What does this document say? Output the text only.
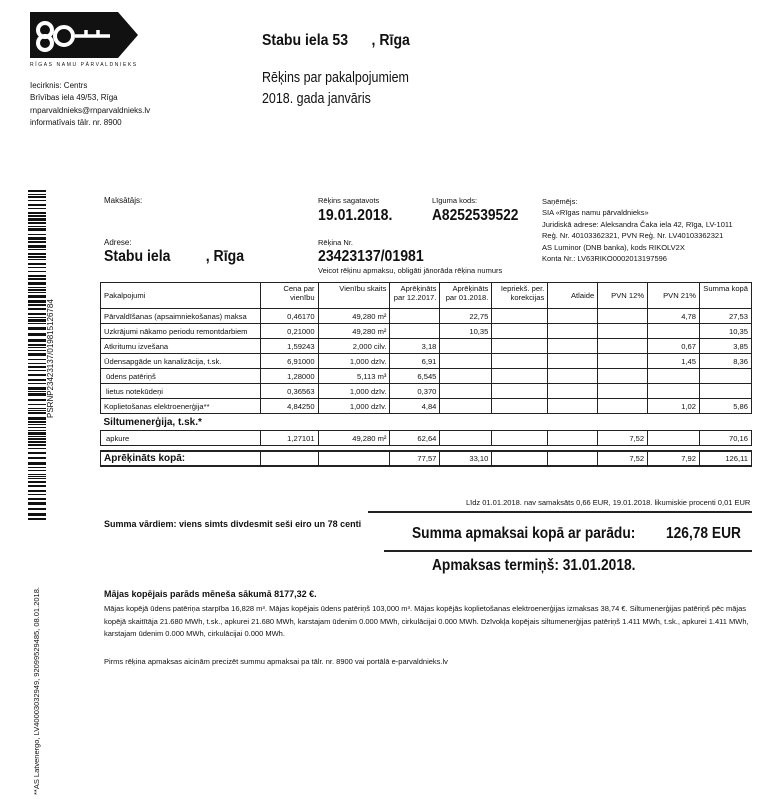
RĪGAS NAMU PĀRVALDNIEKS
Iecirknis: Centrs
Brīvības iela 49/53, Rīga
rnparvaldnieks@rnparvaldnieks.lv
informatīvais tālr. nr. 8900
Stabu iela 53      , Rīga
Rēķins par pakalpojumiem
2018. gada janvāris
PSRNP23423137/019815126784
**AS Latvenergo, LV40003032949, 92099529485, 08.01.2018.
Maksātājs:	Rēķins sagatavots
19.01.2018.
Līguma kods:
A8252539522
Saņēmējs:
SIA «Rīgas namu pārvaldnieks»
Juridiskā adrese: Aleksandra Čaka iela 42, Rīga, LV-1011
Reģ. Nr. 40103362321, PVN Reģ. Nr. LV40103362321
AS Luminor (DNB banka), kods RIKOLV2X
Konta Nr.: LV63RIKO0002013197596
Adrese:
Stabu iela         , Rīga
Rēķina Nr.
23423137/01981
Veicot rēķinu apmaksu, obligāti jānorāda rēķina numurs
Pakalpojumi	Cena par vienību	Vienību skaits	Aprēķināts par 12.2017.	Aprēķināts par 01.2018.	Iepriekš. per. korekcijas	Atlaide	PVN 12%	PVN 21%	Summa kopā
Pārvaldīšanas (apsaimniekošanas) maksa	0,46170	49,280 m²		22,75				4,78	27,53
Uzkrājumi nākamo periodu remontdarbiem	0,21000	49,280 m²		10,35					10,35
Atkritumu izvešana	1,59243	2,000 cilv.	3,18					0,67	3,85
Ūdensapgāde un kanalizācija, t.sk.	6,91000	1,000 dzīv.	6,91					1,45	8,36
ūdens patēriņš	1,28000	5,113 m³	6,545						
lietus notekūdeņi	0,36563	1,000 dzīv.	0,370						
Koplietošanas elektroenerģija**	4,84250	1,000 dzīv.	4,84					1,02	5,86
Siltumenerģija, t.sk.*									
apkure	1,27101	49,280 m²	62,64				7,52		70,16

Aprēķināts kopā:			77,57	33,10			7,52	7,92	126,11
Līdz 01.01.2018. nav samaksāts 0,66 EUR, 19.01.2018. likumiskie procenti 0,01 EUR
Summa vārdiem: viens simts divdesmit seši eiro un 78 centi
Summa apmaksai kopā ar parādu: 126,78 EUR
Apmaksas termiņš: 31.01.2018.
Mājas kopējais parāds mēneša sākumā 8177,32 €.
Mājas kopējā ūdens patēriņa starpība 16,828 m³. Mājas kopējais ūdens patēriņš 103,000 m³. Mājas kopējās koplietošanas elektroenerģijas izmaksas 38,74 €. Siltumenerģijas patēriņš pēc mājas kopējā skaitītāja 21.680 MWh, t.sk., apkurei 21.680 MWh, karstajam ūdenim 0.000 MWh, cirkulācijai 0.000 MWh. Dzīvokļa kopējais siltumenerģijas patēriņš 1.411 MWh, t.sk., apkurei 1.411 MWh, karstajam ūdenim 0.000 MWh, cirkulācijai 0.000 MWh.
Pirms rēķina apmaksas aicinām precizēt summu apmaksai pa tālr. nr. 8900 vai portālā e-parvaldnieks.lv
